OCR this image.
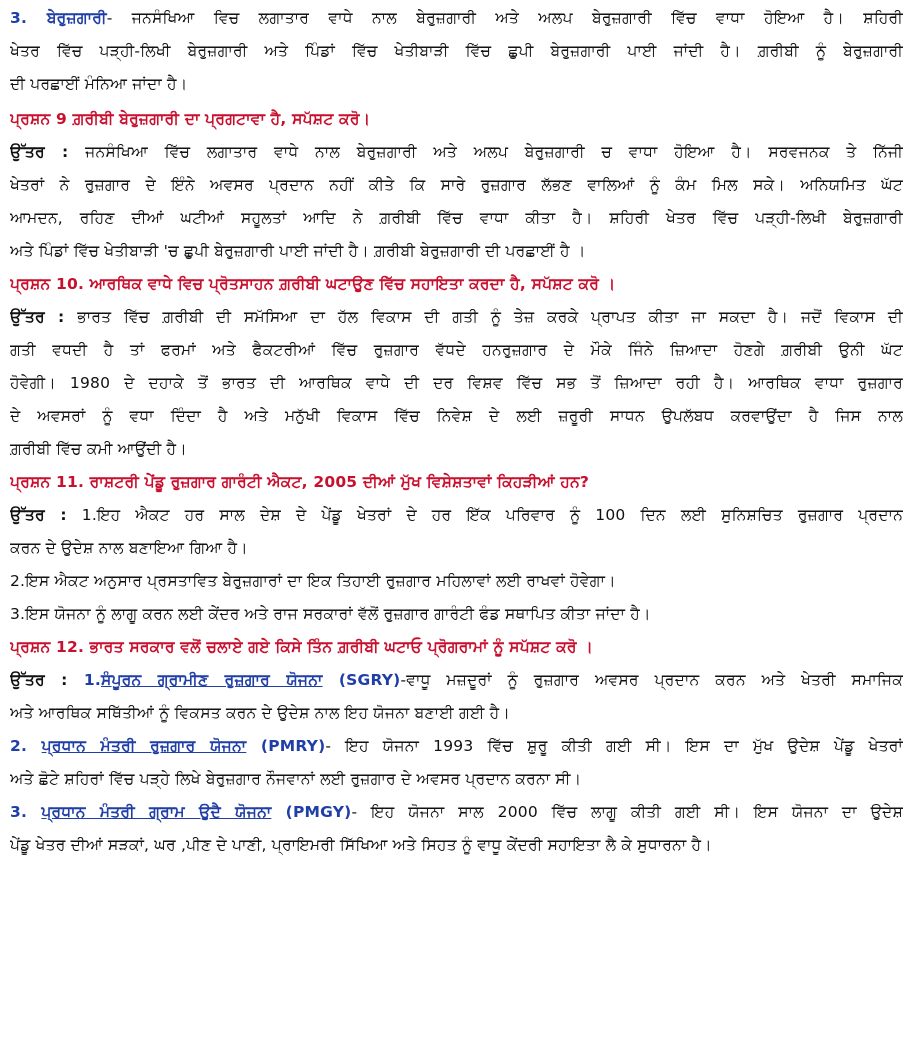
3. ਬੇਰੁਜ਼ਗਾਰੀ- ਜਨਸੰਖਿਆ ਵਿਚ ਲਗਾਤਾਰ ਵਾਧੇ ਨਾਲ ਬੇਰੁਜ਼ਗਾਰੀ ਅਤੇ ਅਲਪ ਬੇਰੁਜ਼ਗਾਰੀ ਵਿੱਚ ਵਾਧਾ ਹੋਇਆ ਹੈ। ਸ਼ਹਿਰੀ
ਖੇਤਰ ਵਿੱਚ ਪੜ੍ਹੀ-ਲਿਖੀ ਬੇਰੁਜ਼ਗਾਰੀ ਅਤੇ ਪਿੰਡਾਂ ਵਿੱਚ ਖੇਤੀਬਾੜੀ ਵਿੱਚ ਛੁਪੀ ਬੇਰੁਜ਼ਗਾਰੀ ਪਾਈ ਜਾਂਦੀ ਹੈ। ਗ਼ਰੀਬੀ ਨੂੰ ਬੇਰੁਜ਼ਗਾਰੀ
ਦੀ ਪਰਛਾਈਂ ਮੰਨਿਆ ਜਾਂਦਾ ਹੈ।
ਪ੍ਰਸ਼ਨ 9 ਗ਼ਰੀਬੀ ਬੇਰੁਜ਼ਗਾਰੀ ਦਾ ਪ੍ਰਗਟਾਵਾ ਹੈ, ਸਪੱਸ਼ਟ ਕਰੋ।
ਉੱਤਰ : ਜਨਸੰਖਿਆ ਵਿੱਚ ਲਗਾਤਾਰ ਵਾਧੇ ਨਾਲ ਬੇਰੁਜ਼ਗਾਰੀ ਅਤੇ ਅਲਪ ਬੇਰੁਜ਼ਗਾਰੀ ਚ ਵਾਧਾ ਹੋਇਆ ਹੈ। ਸਰਵਜਨਕ ਤੇ ਨਿੱਜੀ
ਖੇਤਰਾਂ ਨੇ ਰੁਜ਼ਗਾਰ ਦੇ ਇੰਨੇ ਅਵਸਰ ਪ੍ਰਦਾਨ ਨਹੀਂ ਕੀਤੇ ਕਿ ਸਾਰੇ ਰੁਜ਼ਗਾਰ ਲੱਭਣ ਵਾਲਿਆਂ ਨੂੰ ਕੰਮ ਮਿਲ ਸਕੇ। ਅਨਿਯਮਿਤ ਘੱਟ
ਆਮਦਨ, ਰਹਿਣ ਦੀਆਂ ਘਟੀਆਂ ਸਹੂਲਤਾਂ ਆਦਿ ਨੇ ਗ਼ਰੀਬੀ ਵਿੱਚ ਵਾਧਾ ਕੀਤਾ ਹੈ। ਸ਼ਹਿਰੀ ਖੇਤਰ ਵਿੱਚ ਪੜ੍ਹੀ-ਲਿਖੀ ਬੇਰੁਜ਼ਗਾਰੀ
ਅਤੇ ਪਿੰਡਾਂ ਵਿੱਚ ਖੇਤੀਬਾੜੀ 'ਚ ਛੁਪੀ ਬੇਰੁਜ਼ਗਾਰੀ ਪਾਈ ਜਾਂਦੀ ਹੈ। ਗ਼ਰੀਬੀ ਬੇਰੁਜ਼ਗਾਰੀ ਦੀ ਪਰਛਾਈਂ ਹੈ ।
ਪ੍ਰਸ਼ਨ 10. ਆਰਥਿਕ ਵਾਧੇ ਵਿਚ ਪ੍ਰੋਤਸਾਹਨ ਗ਼ਰੀਬੀ ਘਟਾਉਣ ਵਿੱਚ ਸਹਾਇਤਾ ਕਰਦਾ ਹੈ, ਸਪੱਸ਼ਟ ਕਰੋ ।
ਉੱਤਰ : ਭਾਰਤ ਵਿੱਚ ਗ਼ਰੀਬੀ ਦੀ ਸਮੱਸਿਆ ਦਾ ਹੱਲ ਵਿਕਾਸ ਦੀ ਗਤੀ ਨੂੰ ਤੇਜ਼ ਕਰਕੇ ਪ੍ਰਾਪਤ ਕੀਤਾ ਜਾ ਸਕਦਾ ਹੈ। ਜਦੋਂ ਵਿਕਾਸ ਦੀ
ਗਤੀ ਵਧਦੀ ਹੈ ਤਾਂ ਫਰਮਾਂ ਅਤੇ ਫੈਕਟਰੀਆਂ ਵਿੱਚ ਰੁਜ਼ਗਾਰ ਵੱਧਦੇ ਹਨਰੁਜ਼ਗਾਰ ਦੇ ਮੌਕੇ ਜਿੰਨੇ ਜ਼ਿਆਦਾ ਹੋਣਗੇ ਗ਼ਰੀਬੀ ਉਨੀ ਘੱਟ
ਹੋਵੇਗੀ। 1980 ਦੇ ਦਹਾਕੇ ਤੋਂ ਭਾਰਤ ਦੀ ਆਰਥਿਕ ਵਾਧੇ ਦੀ ਦਰ ਵਿਸ਼ਵ ਵਿੱਚ ਸਭ ਤੋਂ ਜ਼ਿਆਦਾ ਰਹੀ ਹੈ। ਆਰਥਿਕ ਵਾਧਾ ਰੁਜ਼ਗਾਰ
ਦੇ ਅਵਸਰਾਂ ਨੂੰ ਵਧਾ ਦਿੰਦਾ ਹੈ ਅਤੇ ਮਨੁੱਖੀ ਵਿਕਾਸ ਵਿੱਚ ਨਿਵੇਸ਼ ਦੇ ਲਈ ਜ਼ਰੂਰੀ ਸਾਧਨ ਉਪਲੱਬਧ ਕਰਵਾਉਂਦਾ ਹੈ ਜਿਸ ਨਾਲ
ਗ਼ਰੀਬੀ ਵਿੱਚ ਕਮੀ ਆਉਂਦੀ ਹੈ।
ਪ੍ਰਸ਼ਨ 11. ਰਾਸ਼ਟਰੀ ਪੇਂਡੂ ਰੁਜ਼ਗਾਰ ਗਾਰੰਟੀ ਐਕਟ, 2005 ਦੀਆਂ ਮੁੱਖ ਵਿਸ਼ੇਸ਼ਤਾਵਾਂ ਕਿਹੜੀਆਂ ਹਨ?
ਉੱਤਰ : 1.ਇਹ ਐਕਟ ਹਰ ਸਾਲ ਦੇਸ਼ ਦੇ ਪੇਂਡੂ ਖੇਤਰਾਂ ਦੇ ਹਰ ਇੱਕ ਪਰਿਵਾਰ ਨੂੰ 100 ਦਿਨ ਲਈ ਸੁਨਿਸ਼ਚਿਤ ਰੁਜ਼ਗਾਰ ਪ੍ਰਦਾਨ
ਕਰਨ ਦੇ ਉਦੇਸ਼ ਨਾਲ ਬਣਾਇਆ ਗਿਆ ਹੈ।
2.ਇਸ ਐਕਟ ਅਨੁਸਾਰ ਪ੍ਰਸਤਾਵਿਤ ਬੇਰੁਜ਼ਗਾਰਾਂ ਦਾ ਇਕ ਤਿਹਾਈ ਰੁਜ਼ਗਾਰ ਮਹਿਲਾਵਾਂ ਲਈ ਰਾਖਵਾਂ ਹੋਵੇਗਾ।
3.ਇਸ ਯੋਜਨਾ ਨੂੰ ਲਾਗੂ ਕਰਨ ਲਈ ਕੇਂਦਰ ਅਤੇ ਰਾਜ ਸਰਕਾਰਾਂ ਵੱਲੋਂ ਰੁਜ਼ਗਾਰ ਗਾਰੰਟੀ ਫੰਡ ਸਥਾਪਿਤ ਕੀਤਾ ਜਾਂਦਾ ਹੈ।
ਪ੍ਰਸ਼ਨ 12. ਭਾਰਤ ਸਰਕਾਰ ਵਲੋਂ ਚਲਾਏ ਗਏ ਕਿਸੇ ਤਿੰਨ ਗ਼ਰੀਬੀ ਘਟਾਓ ਪ੍ਰੋਗਰਾਮਾਂ ਨੂੰ ਸਪੱਸ਼ਟ ਕਰੋ ।
ਉੱਤਰ : 1.ਸੰਪੂਰਨ ਗ੍ਰਾਮੀਣ ਰੁਜ਼ਗਾਰ ਯੋਜਨਾ (SGRY)-ਵਾਧੂ ਮਜ਼ਦੂਰਾਂ ਨੂੰ ਰੁਜ਼ਗਾਰ ਅਵਸਰ ਪ੍ਰਦਾਨ ਕਰਨ ਅਤੇ ਖੇਤਰੀ ਸਮਾਜਿਕ
ਅਤੇ ਆਰਥਿਕ ਸਥਿੱਤੀਆਂ ਨੂੰ ਵਿਕਸਤ ਕਰਨ ਦੇ ਉਦੇਸ਼ ਨਾਲ ਇਹ ਯੋਜਨਾ ਬਣਾਈ ਗਈ ਹੈ।
2. ਪ੍ਰਧਾਨ ਮੰਤਰੀ ਰੁਜ਼ਗਾਰ ਯੋਜਨਾ (PMRY)- ਇਹ ਯੋਜਨਾ 1993 ਵਿੱਚ ਸ਼ੁਰੂ ਕੀਤੀ ਗਈ ਸੀ। ਇਸ ਦਾ ਮੁੱਖ ਉਦੇਸ਼ ਪੇਂਡੂ ਖੇਤਰਾਂ
ਅਤੇ ਛੋਟੇ ਸ਼ਹਿਰਾਂ ਵਿੱਚ ਪੜ੍ਹੇ ਲਿਖੇ ਬੇਰੁਜ਼ਗਾਰ ਨੌਜਵਾਨਾਂ ਲਈ ਰੁਜ਼ਗਾਰ ਦੇ ਅਵਸਰ ਪ੍ਰਦਾਨ ਕਰਨਾ ਸੀ।
3. ਪ੍ਰਧਾਨ ਮੰਤਰੀ ਗ੍ਰਾਮ ਉਦੈ ਯੋਜਨਾ (PMGY)- ਇਹ ਯੋਜਨਾ ਸਾਲ 2000 ਵਿੱਚ ਲਾਗੂ ਕੀਤੀ ਗਈ ਸੀ। ਇਸ ਯੋਜਨਾ ਦਾ ਉਦੇਸ਼
ਪੇਂਡੂ ਖੇਤਰ ਦੀਆਂ ਸੜਕਾਂ, ਘਰ ,ਪੀਣ ਦੇ ਪਾਣੀ, ਪ੍ਰਾਇਮਰੀ ਸਿੱਖਿਆ ਅਤੇ ਸਿਹਤ ਨੂੰ ਵਾਧੂ ਕੇਂਦਰੀ ਸਹਾਇਤਾ ਲੈ ਕੇ ਸੁਧਾਰਨਾ ਹੈ।
